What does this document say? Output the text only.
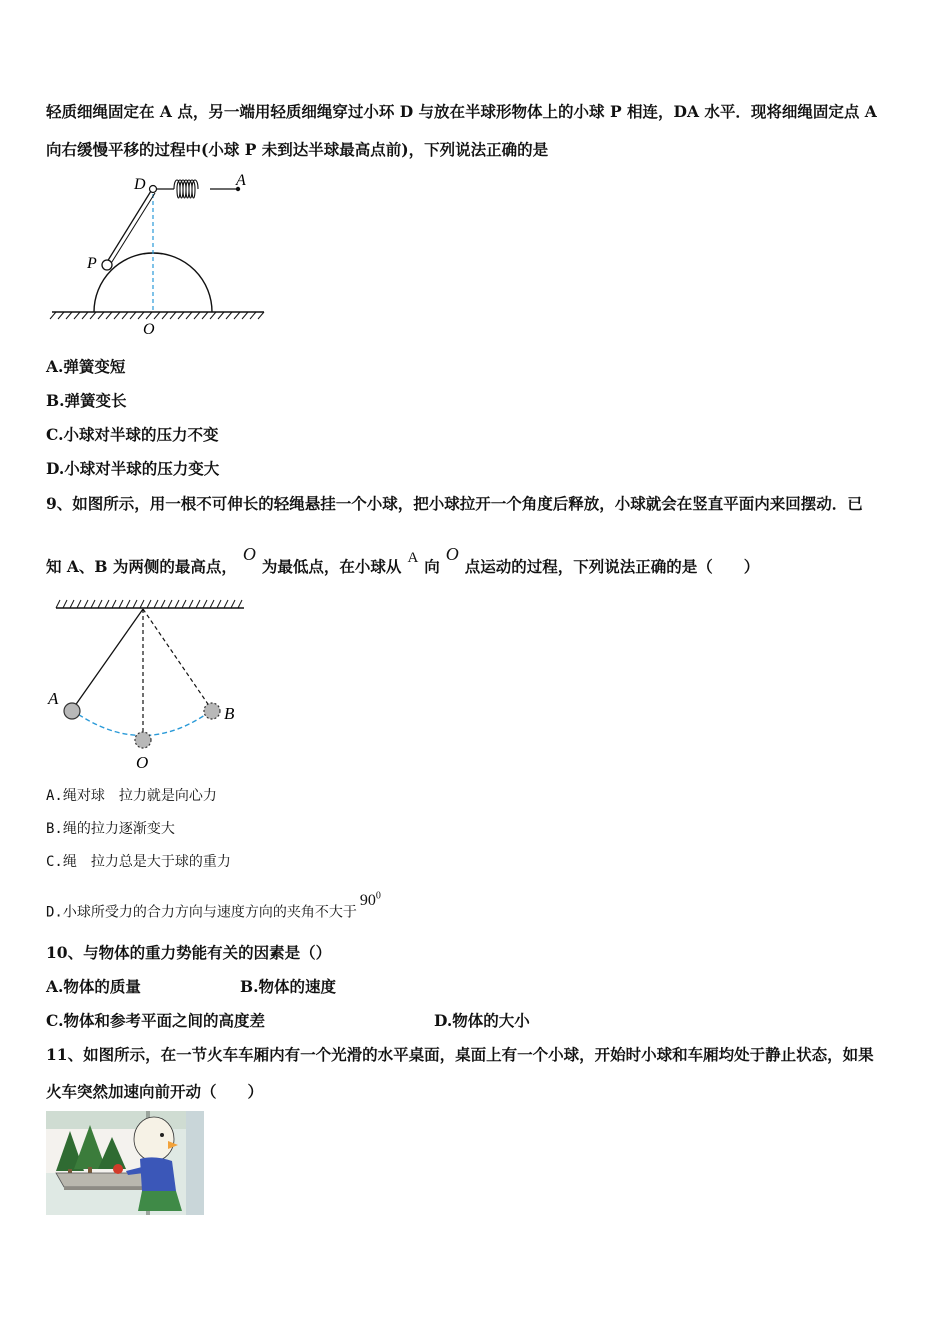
轻质细绳固定在 A 点，另一端用轻质细绳穿过小环 D 与放在半球形物体上的小球 P 相连，DA 水平．现将细绳固定点 A
向右缓慢平移的过程中(小球 P 未到达半球最高点前)，下列说法正确的是
D	A
P
O
A.弹簧变短
B.弹簧变长
C.小球对半球的压力不变
D.小球对半球的压力变大
9、如图所示，用一根不可伸长的轻绳悬挂一个小球，把小球拉开一个角度后释放，小球就会在竖直平面内来回摆动．已
知 A、B 为两侧的最高点，O为最低点，在小球从 A 向O点运动的过程，下列说法正确的是（　　）
A
B
O
A.绳对球　拉力就是向心力
B.绳的拉力逐渐变大
C.绳　拉力总是大于球的重力
D.小球所受力的合力方向与速度方向的夹角不大于$90^0$
10、与物体的重力势能有关的因素是（）
A.物体的质量	B.物体的速度
C.物体和参考平面之间的高度差	D.物体的大小
11、如图所示，在一节火车车厢内有一个光滑的水平桌面，桌面上有一个小球，开始时小球和车厢均处于静止状态，如果
火车突然加速向前开动（　　）
